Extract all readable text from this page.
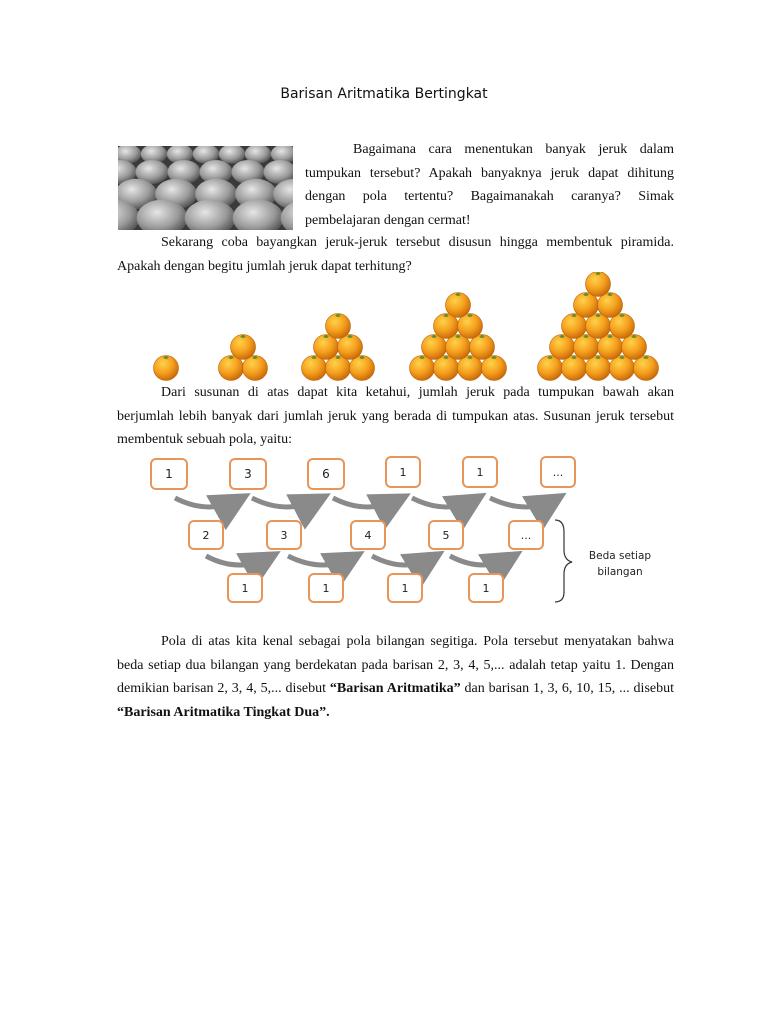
Barisan Aritmatika Bertingkat

Bagaimana cara menentukan banyak jeruk dalam tumpukan tersebut? Apakah banyaknya jeruk dapat dihitung dengan pola tertentu? Bagaimanakah caranya? Simak pembelajaran dengan cermat!

Sekarang coba bayangkan jeruk-jeruk tersebut disusun hingga membentuk piramida. Apakah dengan begitu jumlah jeruk dapat terhitung?

Dari susunan di atas dapat kita ketahui, jumlah jeruk pada tumpukan bawah akan berjumlah lebih banyak dari jumlah jeruk yang berada di tumpukan atas. Susunan jeruk tersebut membentuk sebuah pola, yaitu:

1	3	6	1	1	...
2	3	4	5	...
1	1	1	1
Beda setiap
bilangan

Pola di atas kita kenal sebagai pola bilangan segitiga. Pola tersebut menyatakan bahwa beda setiap dua bilangan yang berdekatan pada barisan 2, 3, 4, 5,... adalah tetap yaitu 1. Dengan demikian barisan 2, 3, 4, 5,... disebut “Barisan Aritmatika” dan barisan 1, 3, 6, 10, 15, ... disebut “Barisan Aritmatika Tingkat Dua”.
